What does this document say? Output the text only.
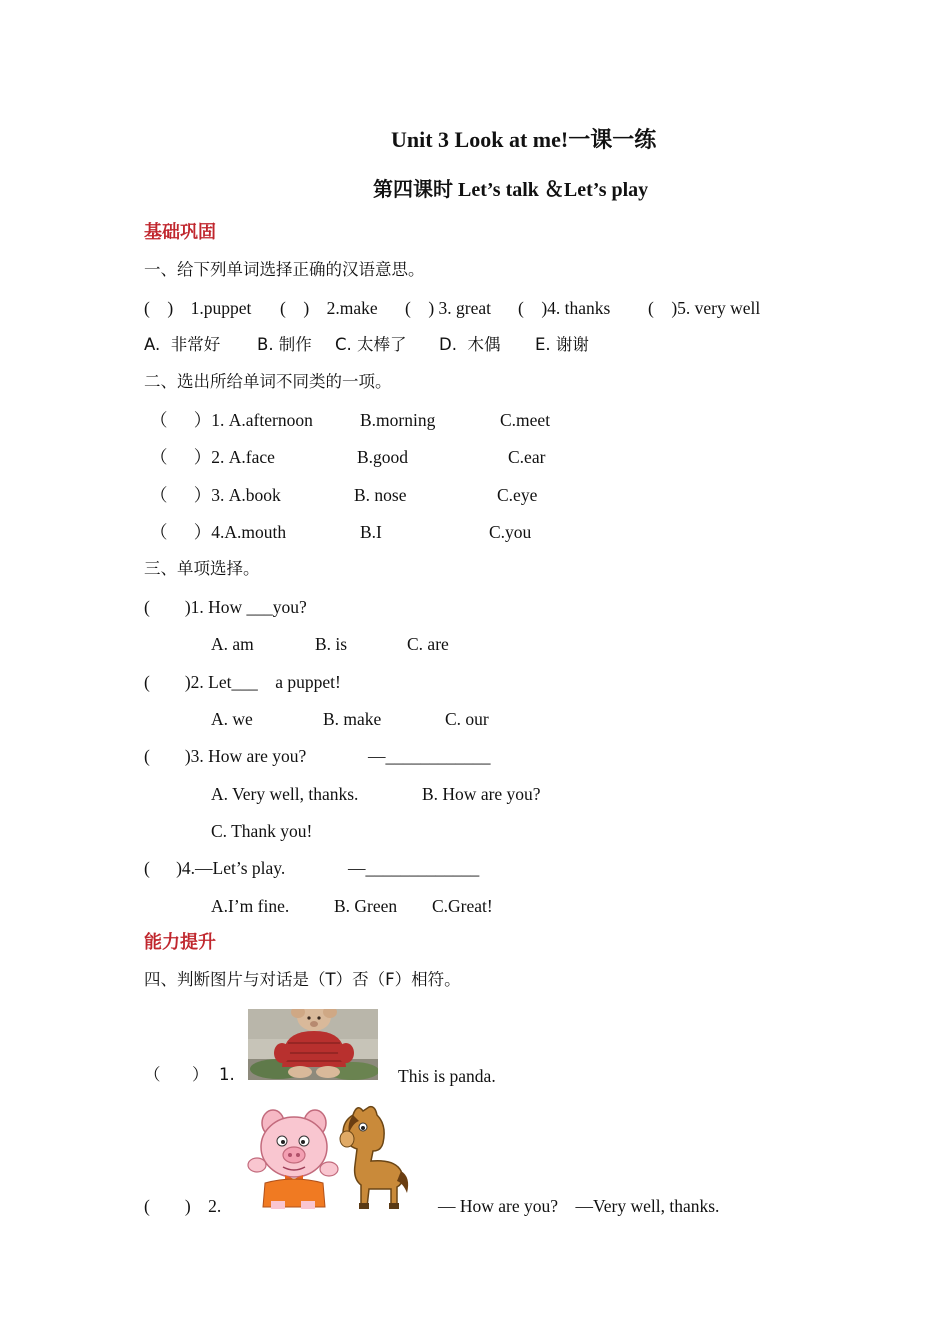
Unit 3 Look at me!一课一练
第四课时 Let’s talk ＆Let’s play
基础巩固
一、给下列单词选择正确的汉语意思。
(    )    1.puppet (    )    2.make (    ) 3. great (    )4. thanks (    )5. very well
A.  非常好 B. 制作 C. 太棒了 D.  木偶 E. 谢谢
二、选出所给单词不同类的一项。
（      ）1. A.afternoon	B.morning	C.meet
（      ）2. A.face	B.good	C.ear
（      ）3. A.book	B. nose	C.eye
（      ）4.A.mouth	B.I	C.you
三、单项选择。
(        )1. How ___you?
A. am	B. is	C. are
(        )2. Let___    a puppet!
A. we	B. make	C. our
(        )3. How are you?	—____________
A. Very well, thanks.	B. How are you?
C. Thank you!
(      )4.—Let’s play.	—_____________
A.I’m fine.	B. Green C.Great!
能力提升
四、判断图片与对话是（T）否（F）相符。
（      ）  1.	This is panda.
(        )    2.	— How are you?    —Very well, thanks.
